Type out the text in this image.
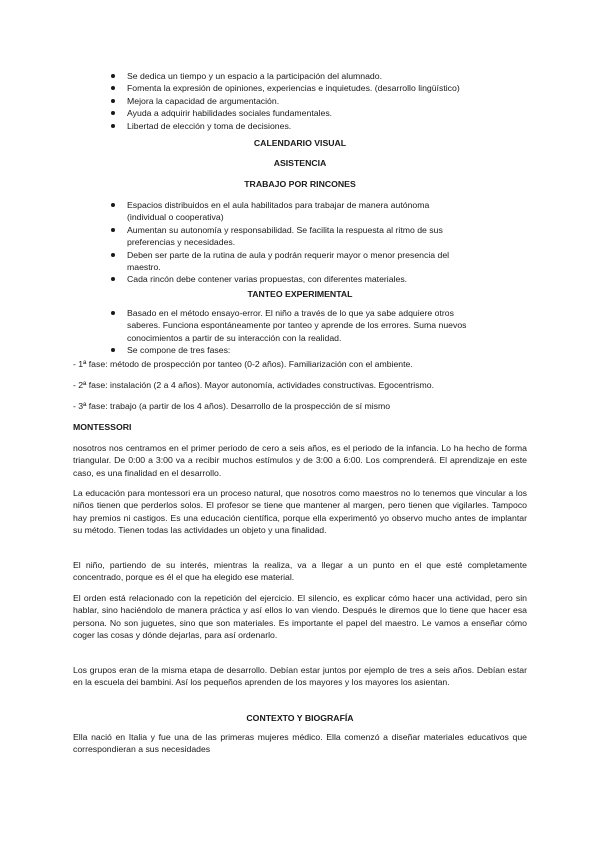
Se dedica un tiempo y un espacio a la participación del alumnado.
Fomenta la expresión de opiniones, experiencias e inquietudes. (desarrollo lingüístico)
Mejora la capacidad de argumentación.
Ayuda a adquirir habilidades sociales fundamentales.
Libertad de elección y toma de decisiones.
CALENDARIO VISUAL
ASISTENCIA
TRABAJO POR RINCONES
Espacios distribuidos en el aula habilitados para trabajar de manera autónoma
(individual o cooperativa)
Aumentan su autonomía y responsabilidad. Se facilita la respuesta al ritmo de sus
preferencias y necesidades.
Deben ser parte de la rutina de aula y podrán requerir mayor o menor presencia del
maestro.
Cada rincón debe contener varias propuestas, con diferentes materiales.
TANTEO EXPERIMENTAL
Basado en el método ensayo-error. El niño a través de lo que ya sabe adquiere otros
saberes. Funciona espontáneamente por tanteo y aprende de los errores. Suma nuevos
conocimientos a partir de su interacción con la realidad.
Se compone de tres fases:
- 1ª fase: método de prospección por tanteo (0-2 años). Familiarización con el ambiente.
- 2ª fase: instalación (2 a 4 años). Mayor autonomía, actividades constructivas. Egocentrismo.
- 3ª fase: trabajo (a partir de los 4 años). Desarrollo de la prospección de sí mismo
MONTESSORI
nosotros nos centramos en el primer periodo de cero a seis años, es el periodo de la infancia. Lo ha hecho de forma triangular. De 0:00 a 3:00 va a recibir muchos estímulos y de 3:00 a 6:00. Los comprenderá. El aprendizaje en este caso, es una finalidad en el desarrollo.
La educación para montessori era un proceso natural, que nosotros como maestros no lo tenemos que vincular a los niños tienen que perderlos solos. El profesor se tiene que mantener al margen, pero tienen que vigilarles. Tampoco hay premios ni castigos. Es una educación científica, porque ella experimentó yo observo mucho antes de implantar su método. Tienen todas las actividades un objeto y una finalidad.
El niño, partiendo de su interés, mientras la realiza, va a llegar a un punto en el que esté completamente concentrado, porque es él el que ha elegido ese material.
El orden está relacionado con la repetición del ejercicio. El silencio, es explicar cómo hacer una actividad, pero sin hablar, sino haciéndolo de manera práctica y así ellos lo van viendo. Después le diremos que lo tiene que hacer esa persona. No son juguetes, sino que son materiales. Es importante el papel del maestro. Le vamos a enseñar cómo coger las cosas y dónde dejarlas, para así ordenarlo.
Los grupos eran de la misma etapa de desarrollo. Debían estar juntos por ejemplo de tres a seis años. Debían estar en la escuela dei bambini. Así los pequeños aprenden de los mayores y los mayores los asientan.
CONTEXTO Y BIOGRAFÍA
Ella nació en Italia y fue una de las primeras mujeres médico. Ella comenzó a diseñar materiales educativos que correspondieran a sus necesidades
